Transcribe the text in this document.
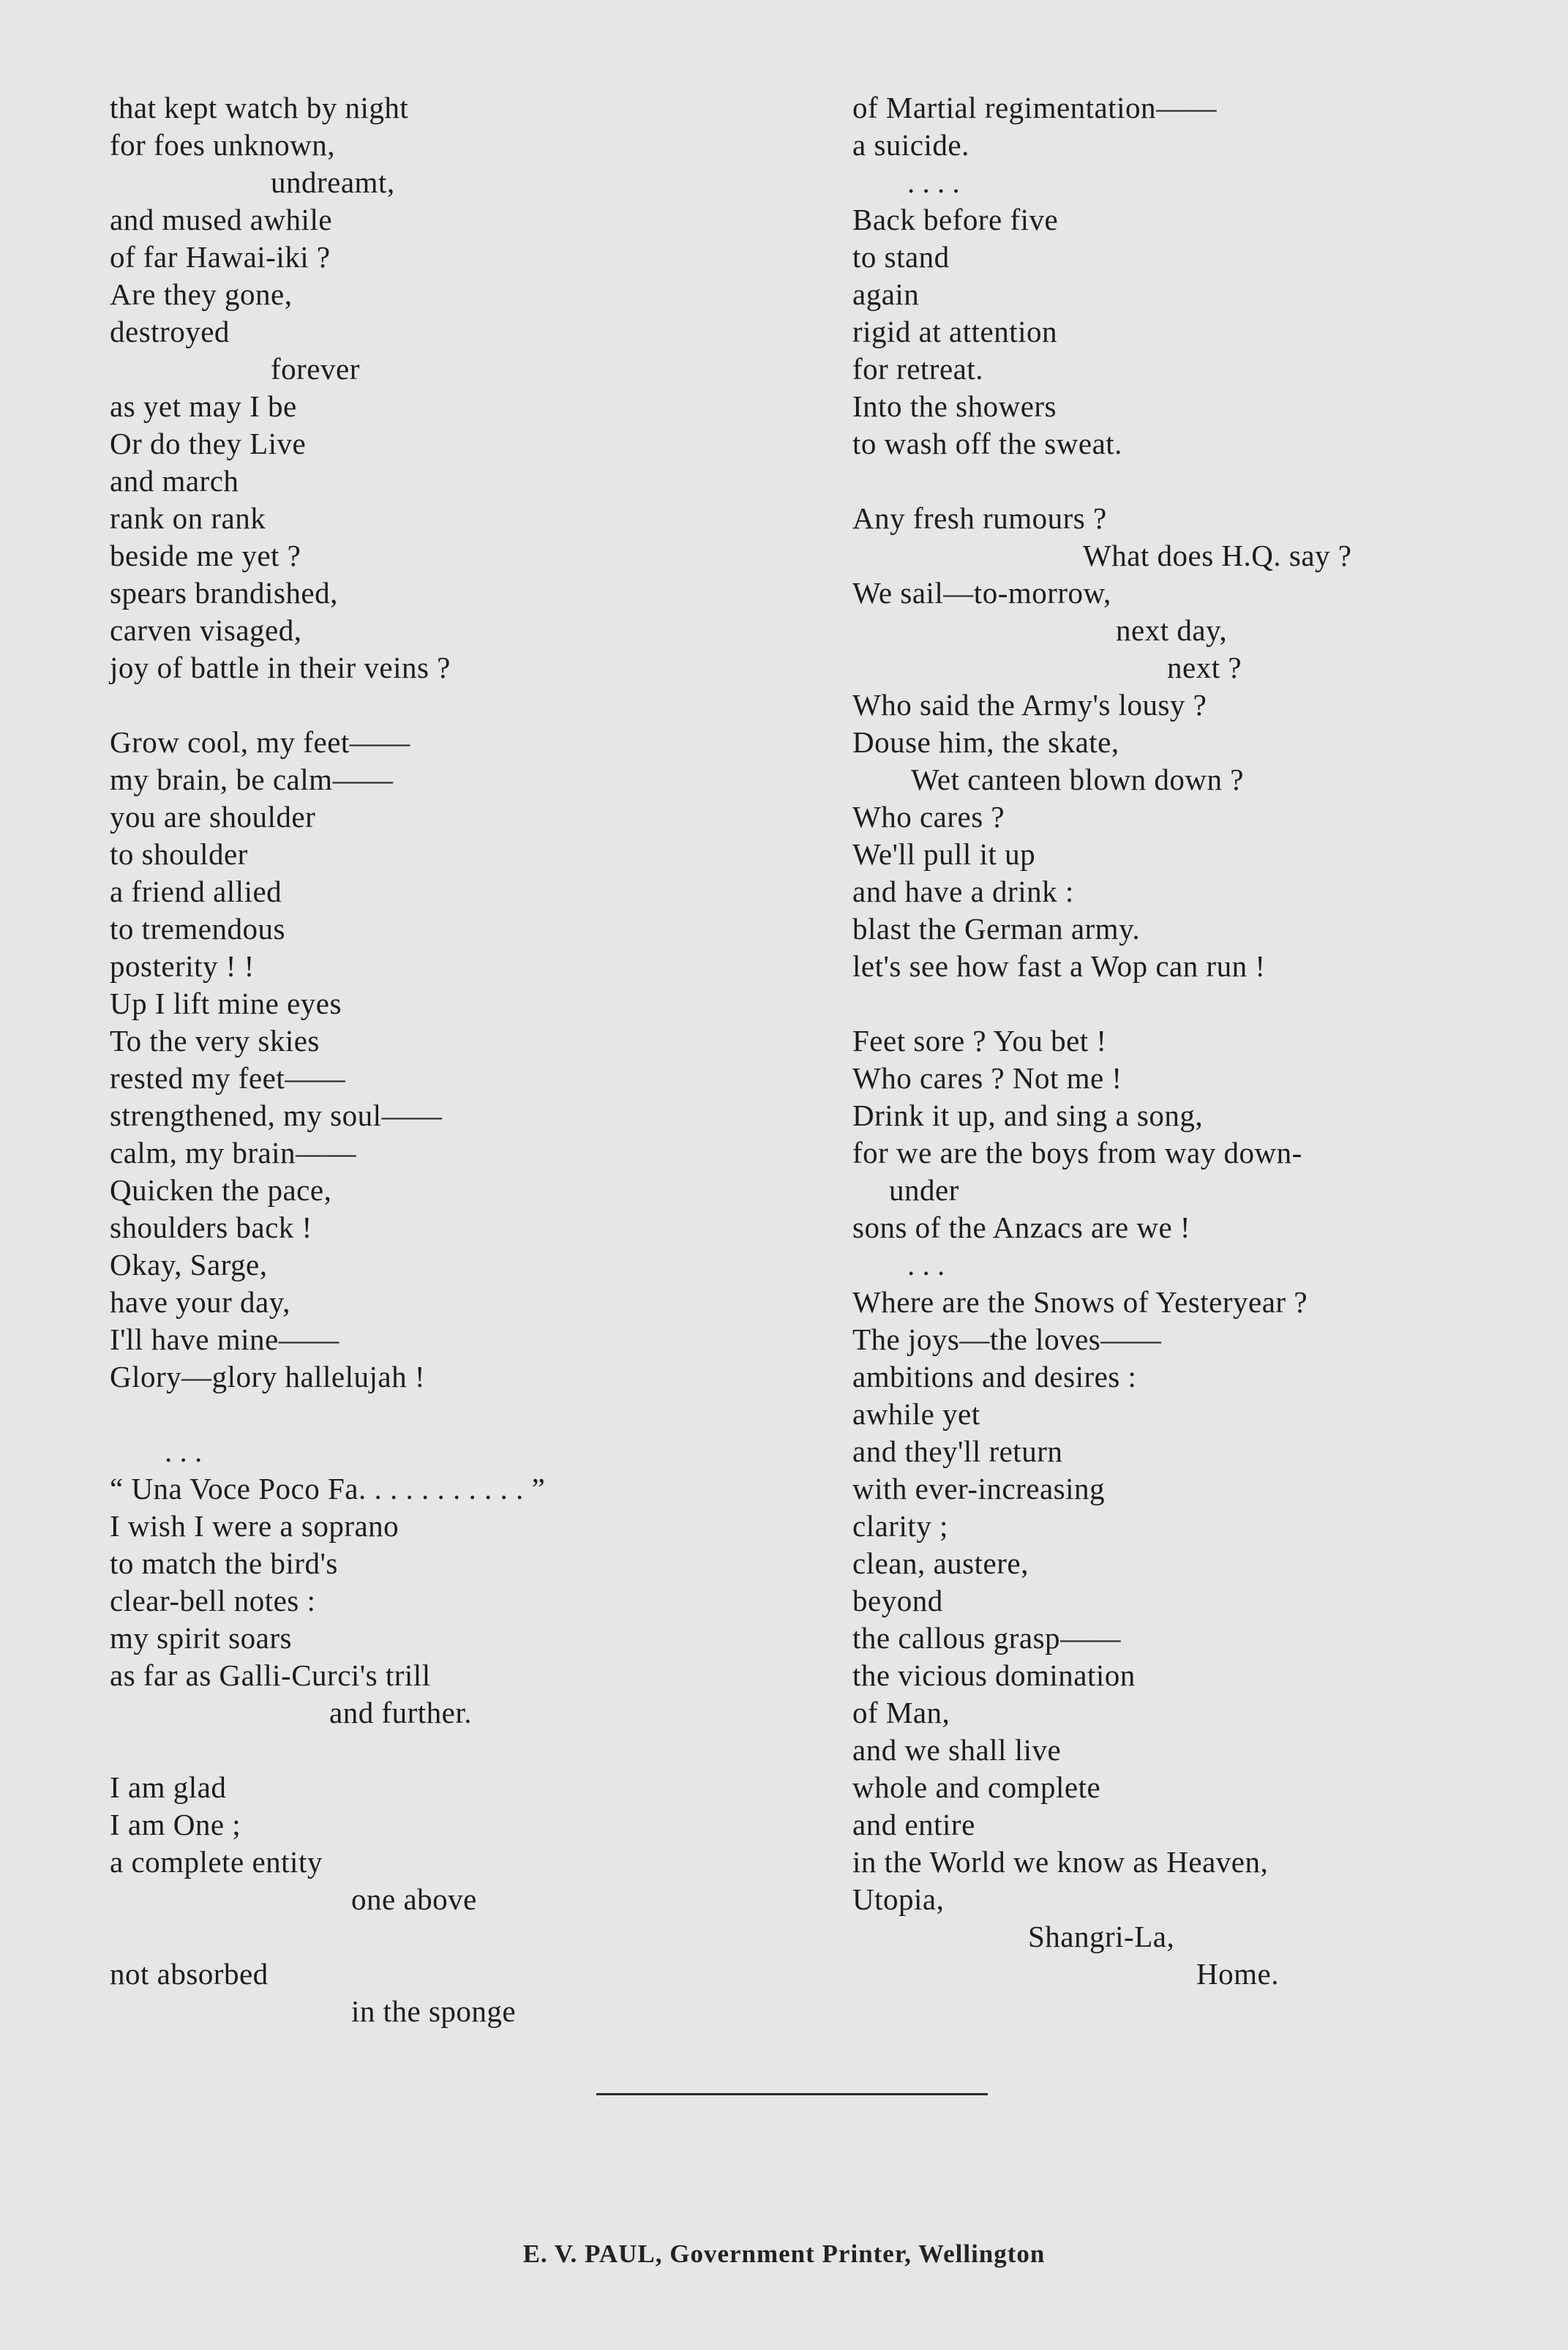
that kept watch by night
for foes unknown,
undreamt,
and mused awhile
of far Hawai-iki ?
Are they gone,
destroyed
forever
as yet may I be
Or do they Live
and march
rank on rank
beside me yet ?
spears brandished,
carven visaged,
joy of battle in their veins ?
Grow cool, my feet——
my brain, be calm——
you are shoulder
to shoulder
a friend allied
to tremendous
posterity ! !
Up I lift mine eyes
To the very skies
rested my feet——
strengthened, my soul——
calm, my brain——
Quicken the pace,
shoulders back !
Okay, Sarge,
have your day,
I'll have mine——
Glory—glory hallelujah !
. . .
“ Una Voce Poco Fa. . . . . . . . . . . ”
I wish I were a soprano
to match the bird's
clear-bell notes :
my spirit soars
as far as Galli-Curci's trill
and further.
I am glad
I am One ;
a complete entity
one above
not absorbed
in the sponge
of Martial regimentation——
a suicide.
. . . .
Back before five
to stand
again
rigid at attention
for retreat.
Into the showers
to wash off the sweat.
Any fresh rumours ?
What does H.Q. say ?
We sail—to-morrow,
next day,
next ?
Who said the Army's lousy ?
Douse him, the skate,
Wet canteen blown down ?
Who cares ?
We'll pull it up
and have a drink :
blast the German army.
let's see how fast a Wop can run !
Feet sore ? You bet !
Who cares ? Not me !
Drink it up, and sing a song,
for we are the boys from way down-
under
sons of the Anzacs are we !
. . .
Where are the Snows of Yesteryear ?
The joys—the loves——
ambitions and desires :
awhile yet
and they'll return
with ever-increasing
clarity ;
clean, austere,
beyond
the callous grasp——
the vicious domination
of Man,
and we shall live
whole and complete
and entire
in the World we know as Heaven,
Utopia,
Shangri-La,
Home.
E. V. PAUL, Government Printer, Wellington
